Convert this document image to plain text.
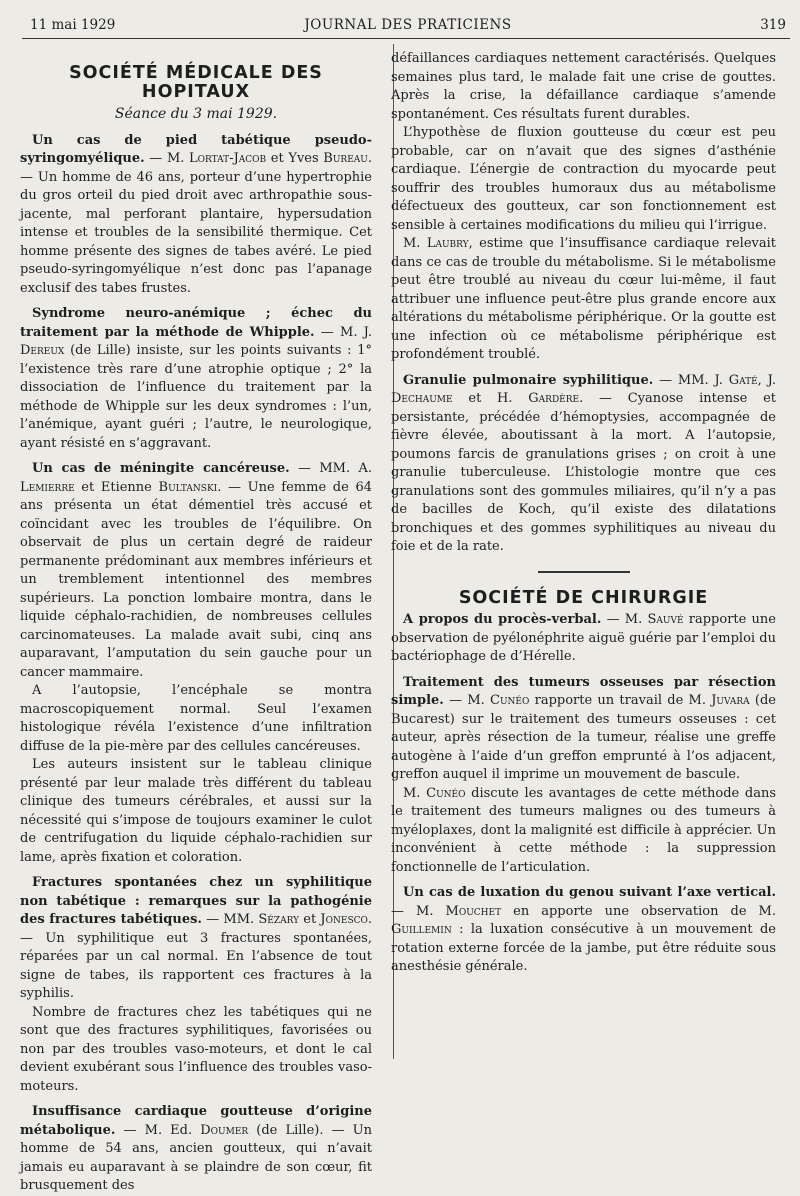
11 mai 1929	JOURNAL DES PRATICIENS	319
SOCIÉTÉ MÉDICALE DES HOPITAUX
Séance du 3 mai 1929.

Un cas de pied tabétique pseudo-syringomyélique. — M. Lortat-Jacob et Yves Bureau. — Un homme de 46 ans, porteur d’une hypertrophie du gros orteil du pied droit avec arthropathie sous-jacente, mal perforant plantaire, hypersudation intense et troubles de la sensibilité thermique. Cet homme présente des signes de tabes avéré. Le pied pseudo-syringomyélique n’est donc pas l’apanage exclusif des tabes frustes.

Syndrome neuro-anémique ; échec du traitement par la méthode de Whipple. — M. J. Dereux (de Lille) insiste, sur les points suivants : 1° l’existence très rare d’une atrophie optique ; 2° la dissociation de l’influence du traitement par la méthode de Whipple sur les deux syndromes : l’un, l’anémique, ayant guéri ; l’autre, le neurologique, ayant résisté en s’aggravant.

Un cas de méningite cancéreuse. — MM. A. Lemierre et Etienne Bultanski. — Une femme de 64 ans présenta un état démentiel très accusé et coïncidant avec les troubles de l’équilibre. On observait de plus un certain degré de raideur permanente prédominant aux membres inférieurs et un tremblement intentionnel des membres supérieurs. La ponction lombaire montra, dans le liquide céphalo-rachidien, de nombreuses cellules carcinomateuses. La malade avait subi, cinq ans auparavant, l’amputation du sein gauche pour un cancer mammaire.

A l’autopsie, l’encéphale se montra macroscopiquement normal. Seul l’examen histologique révéla l’existence d’une infiltration diffuse de la pie-mère par des cellules cancéreuses.

Les auteurs insistent sur le tableau clinique présenté par leur malade très différent du tableau clinique des tumeurs cérébrales, et aussi sur la nécessité qui s’impose de toujours examiner le culot de centrifugation du liquide céphalo-rachidien sur lame, après fixation et coloration.

Fractures spontanées chez un syphilitique non tabétique : remarques sur la pathogénie des fractures tabétiques. — MM. Sézary et Jonesco. — Un syphilitique eut 3 fractures spontanées, réparées par un cal normal. En l’absence de tout signe de tabes, ils rapportent ces fractures à la syphilis.

Nombre de fractures chez les tabétiques qui ne sont que des fractures syphilitiques, favorisées ou non par des troubles vaso-moteurs, et dont le cal devient exubérant sous l’influence des troubles vaso-moteurs.

Insuffisance cardiaque goutteuse d’origine métabolique. — M. Ed. Doumer (de Lille). — Un homme de 54 ans, ancien goutteux, qui n’avait jamais eu auparavant à se plaindre de son cœur, fit brusquement des

défaillances cardiaques nettement caractérisés. Quelques semaines plus tard, le malade fait une crise de gouttes. Après la crise, la défaillance cardiaque s’amende spontanément. Ces résultats furent durables.

L’hypothèse de fluxion goutteuse du cœur est peu probable, car on n’avait que des signes d’asthénie cardiaque. L’énergie de contraction du myocarde peut souffrir des troubles humoraux dus au métabolisme défectueux des goutteux, car son fonctionnement est sensible à certaines modifications du milieu qui l’irrigue.

M. Laubry, estime que l’insuffisance cardiaque relevait dans ce cas de trouble du métabolisme. Si le métabolisme peut être troublé au niveau du cœur lui-même, il faut attribuer une influence peut-être plus grande encore aux altérations du métabolisme périphérique. Or la goutte est une infection où ce métabolisme périphérique est profondément troublé.

Granulie pulmonaire syphilitique. — MM. J. Gaté, J. Dechaume et H. Gardère. — Cyanose intense et persistante, précédée d’hémoptysies, accompagnée de fièvre élevée, aboutissant à la mort. A l’autopsie, poumons farcis de granulations grises ; on croit à une granulie tuberculeuse. L’histologie montre que ces granulations sont des gommules miliaires, qu’il n’y a pas de bacilles de Koch, qu’il existe des dilatations bronchiques et des gommes syphilitiques au niveau du foie et de la rate.

SOCIÉTÉ DE CHIRURGIE

A propos du procès-verbal. — M. Sauvé rapporte une observation de pyélonéphrite aiguë guérie par l’emploi du bactériophage de d’Hérelle.

Traitement des tumeurs osseuses par résection simple. — M. Cunéo rapporte un travail de M. Juvara (de Bucarest) sur le traitement des tumeurs osseuses : cet auteur, après résection de la tumeur, réalise une greffe autogène à l’aide d’un greffon emprunté à l’os adjacent, greffon auquel il imprime un mouvement de bascule.

M. Cunéo discute les avantages de cette méthode dans le traitement des tumeurs malignes ou des tumeurs à myéloplaxes, dont la malignité est difficile à apprécier. Un inconvénient à cette méthode : la suppression fonctionnelle de l’articulation.

Un cas de luxation du genou suivant l’axe vertical. — M. Mouchet en apporte une observation de M. Guillemin : la luxation consécutive à un mouvement de rotation externe forcée de la jambe, put être réduite sous anesthésie générale.
